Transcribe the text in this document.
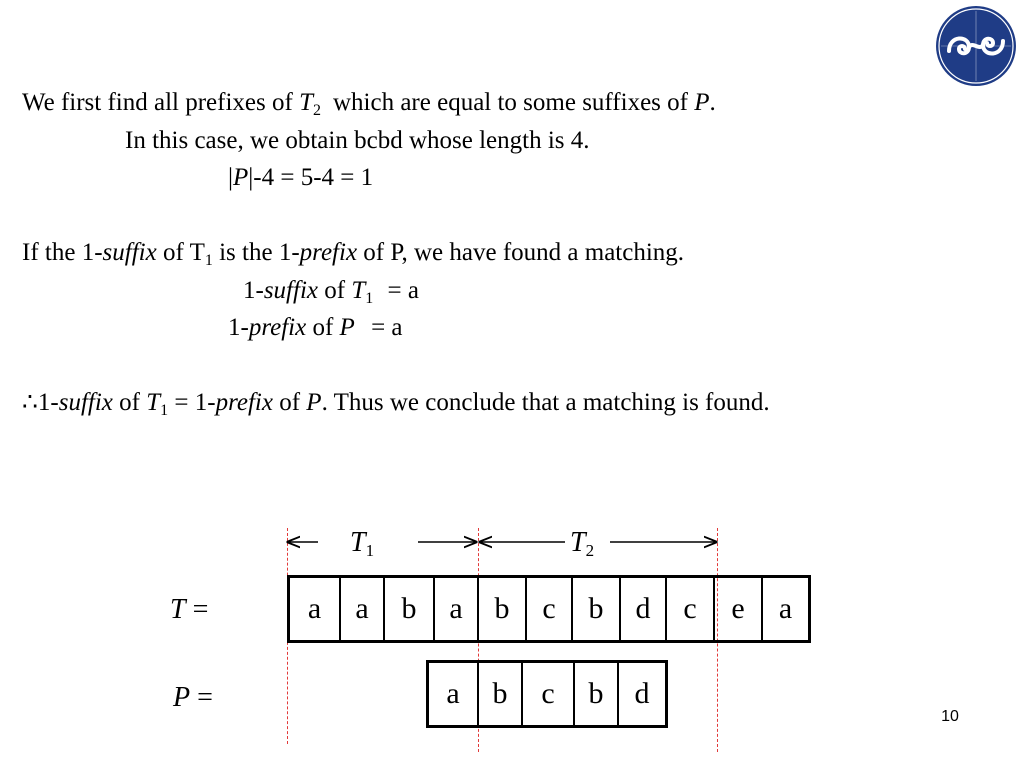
We first find all prefixes of $T_2$ which are equal to some suffixes of P.
In this case, we obtain bcbd whose length is 4.
|P|-4 = 5-4 = 1
If the 1-suffix of $T_1$ is the 1-prefix of P, we have found a matching.
1-suffix of $T_1 = a$
1-prefix of P = a
∴1-suffix of $T_1$ = 1-prefix of P. Thus we conclude that a matching is found.
$T_1$	$T_2$
T =
P =
a	a	b	a	b	c	b	d	c	e	a
a	b	c	b	d
10
